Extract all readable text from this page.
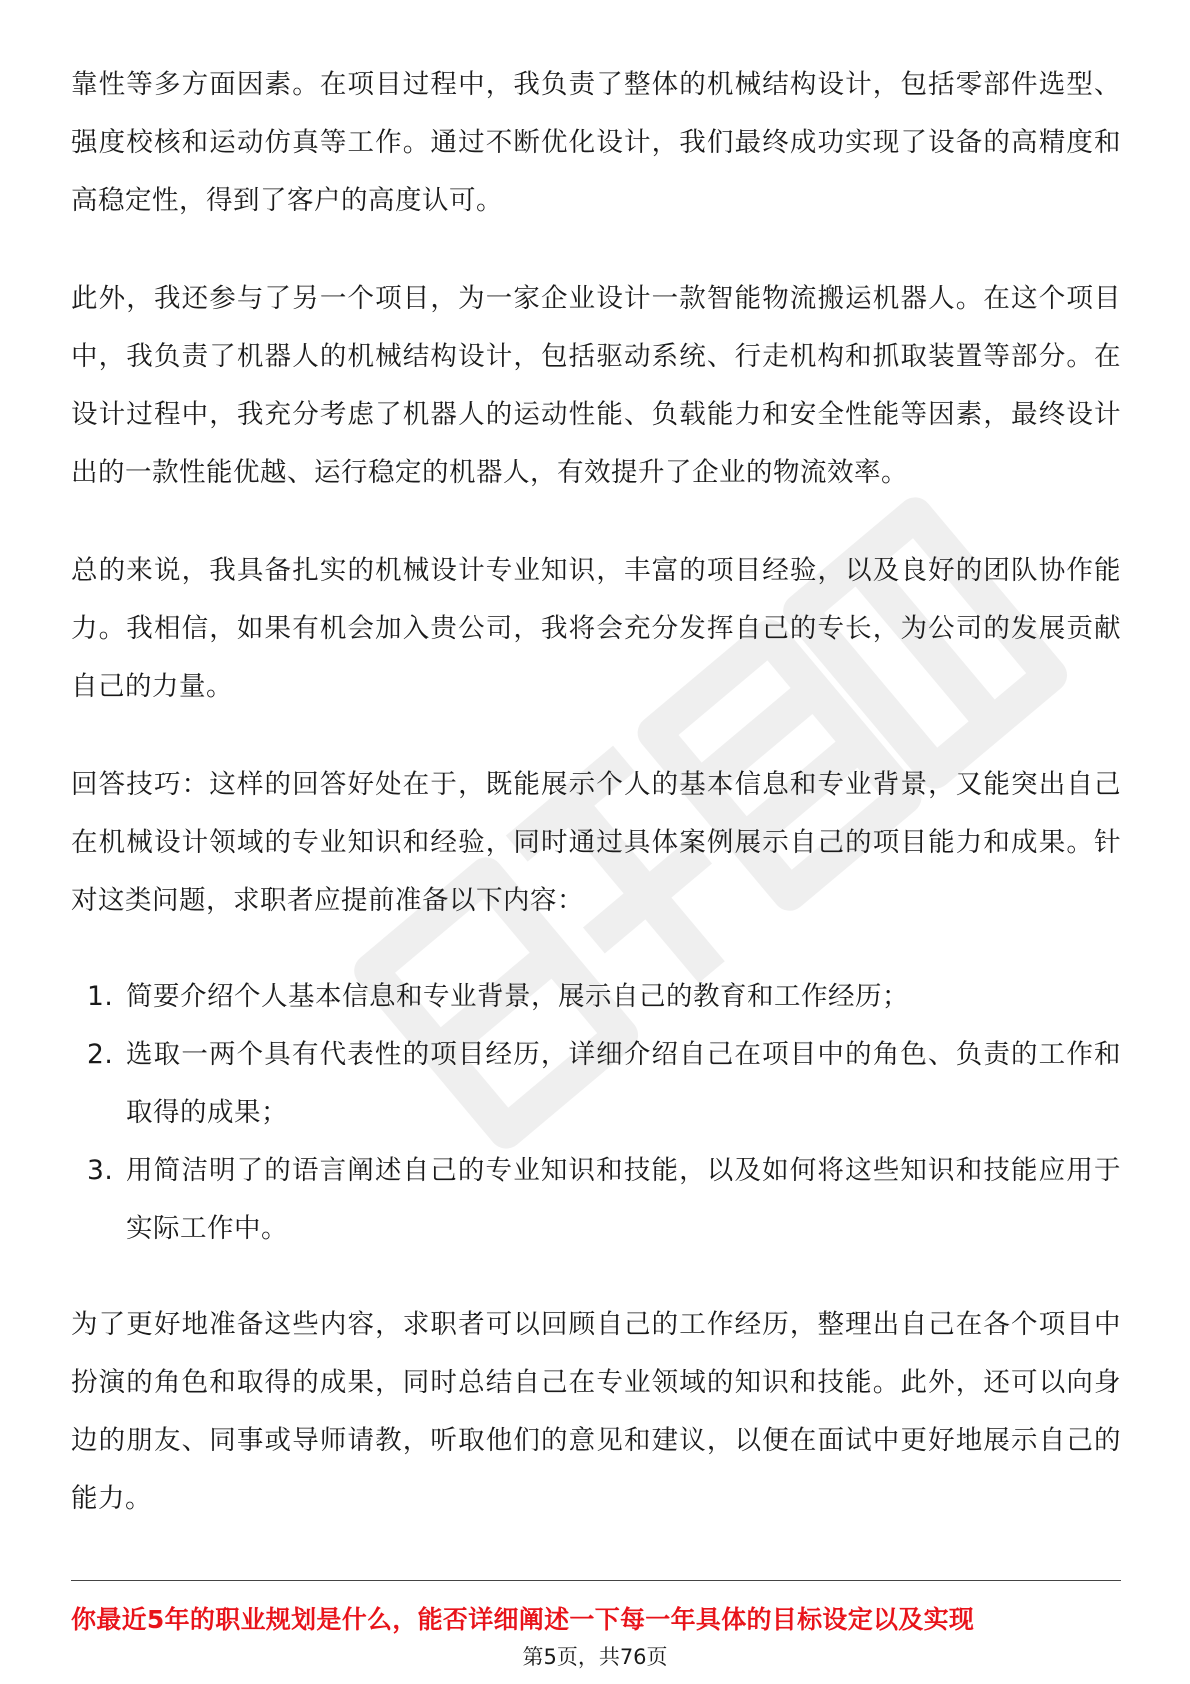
靠性等多方面因素。在项目过程中，我负责了整体的机械结构设计，包括零部件选型、强度校核和运动仿真等工作。通过不断优化设计，我们最终成功实现了设备的高精度和高稳定性，得到了客户的高度认可。

此外，我还参与了另一个项目，为一家企业设计一款智能物流搬运机器人。在这个项目中，我负责了机器人的机械结构设计，包括驱动系统、行走机构和抓取装置等部分。在设计过程中，我充分考虑了机器人的运动性能、负载能力和安全性能等因素，最终设计出的一款性能优越、运行稳定的机器人，有效提升了企业的物流效率。

总的来说，我具备扎实的机械设计专业知识，丰富的项目经验，以及良好的团队协作能力。我相信，如果有机会加入贵公司，我将会充分发挥自己的专长，为公司的发展贡献自己的力量。

回答技巧：这样的回答好处在于，既能展示个人的基本信息和专业背景，又能突出自己在机械设计领域的专业知识和经验，同时通过具体案例展示自己的项目能力和成果。针对这类问题，求职者应提前准备以下内容：

1. 简要介绍个人基本信息和专业背景，展示自己的教育和工作经历；
2. 选取一两个具有代表性的项目经历，详细介绍自己在项目中的角色、负责的工作和取得的成果；
3. 用简洁明了的语言阐述自己的专业知识和技能，以及如何将这些知识和技能应用于实际工作中。

为了更好地准备这些内容，求职者可以回顾自己的工作经历，整理出自己在各个项目中扮演的角色和取得的成果，同时总结自己在专业领域的知识和技能。此外，还可以向身边的朋友、同事或导师请教，听取他们的意见和建议，以便在面试中更好地展示自己的能力。

你最近5年的职业规划是什么，能否详细阐述一下每一年具体的目标设定以及实现
第5页，共76页
